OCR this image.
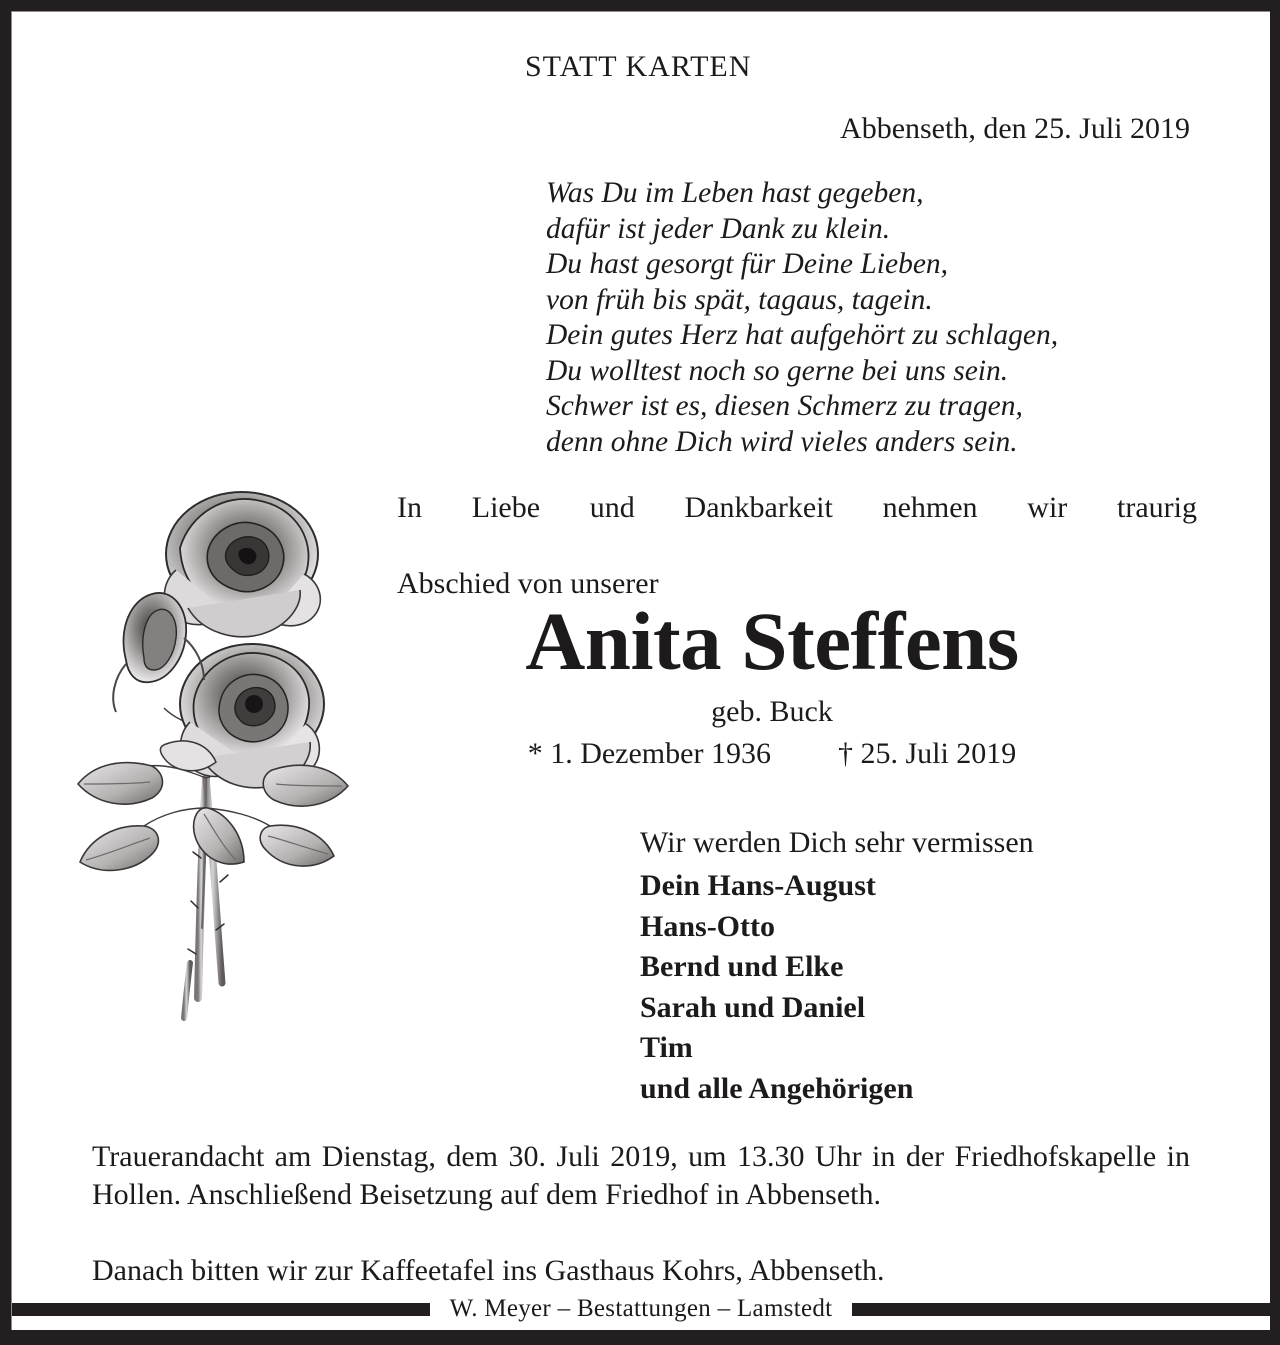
STATT KARTEN
Abbenseth, den 25. Juli 2019
Was Du im Leben hast gegeben,
dafür ist jeder Dank zu klein.
Du hast gesorgt für Deine Lieben,
von früh bis spät, tagaus, tagein.
Dein gutes Herz hat aufgehört zu schlagen,
Du wolltest noch so gerne bei uns sein.
Schwer ist es, diesen Schmerz zu tragen,
denn ohne Dich wird vieles anders sein.
In Liebe und Dankbarkeit nehmen wir traurig
Abschied von unserer
Anita Steffens
geb. Buck
* 1. Dezember 1936 † 25. Juli 2019
Wir werden Dich sehr vermissen
Dein Hans-August
Hans-Otto
Bernd und Elke
Sarah und Daniel
Tim
und alle Angehörigen
Trauerandacht am Dienstag, dem 30. Juli 2019, um 13.30 Uhr in der Friedhofskapelle in Hollen. Anschließend Beisetzung auf dem Friedhof in Abbenseth.
Danach bitten wir zur Kaffeetafel ins Gasthaus Kohrs, Abbenseth.
W. Meyer – Bestattungen – Lamstedt
